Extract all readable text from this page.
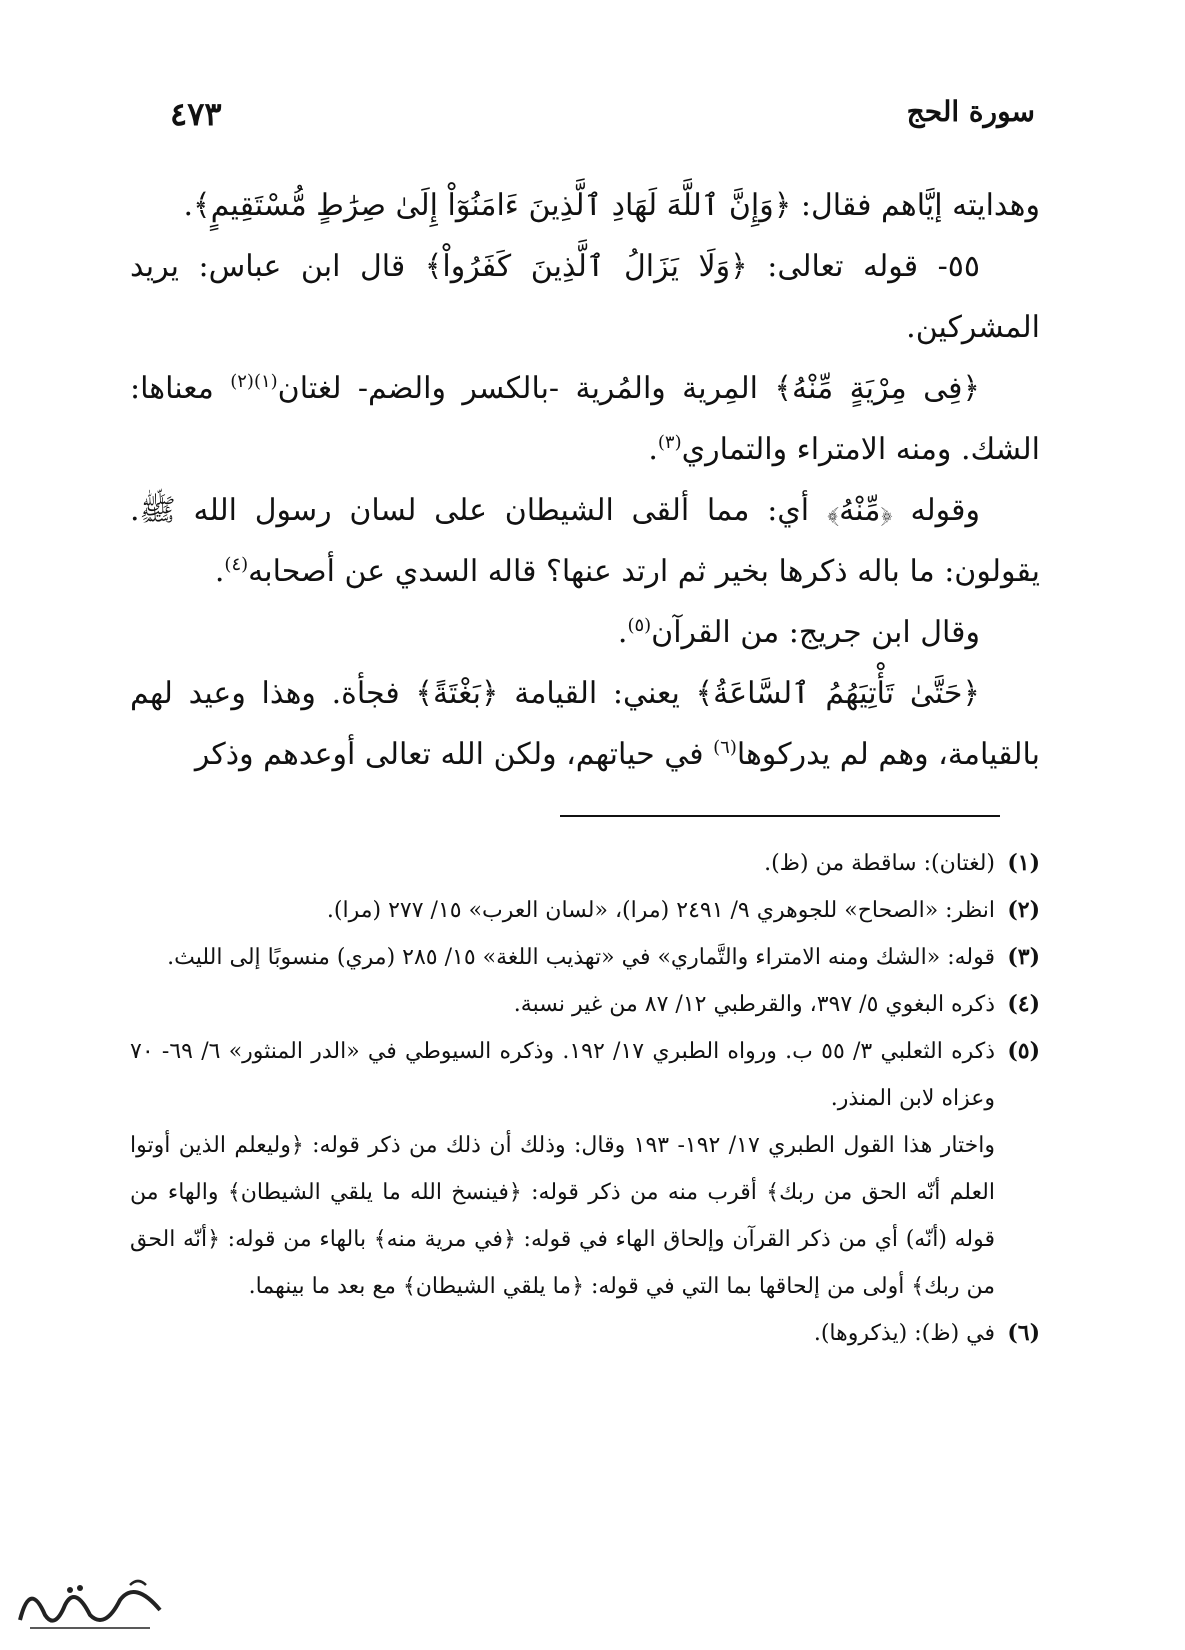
سورة الحج
٤٧٣

وهدايته إيَّاهم فقال: ﴿وَإِنَّ ٱللَّهَ لَهَادِ ٱلَّذِينَ ءَامَنُوٓاْ إِلَىٰ صِرَٰطٍ مُّسْتَقِيمٍ﴾.

٥٥- قوله تعالى: ﴿وَلَا يَزَالُ ٱلَّذِينَ كَفَرُواْ﴾ قال ابن عباس: يريد المشركين.

﴿فِى مِرْيَةٍ مِّنْهُ﴾ المِرية والمُرية -بالكسر والضم- لغتان$^{(١)(٢)}$ معناها: الشك. ومنه الامتراء والتماري$^{(٣)}$.

وقوله ﴿مِّنْهُ﴾ أي: مما ألقى الشيطان على لسان رسول الله ﷺ. يقولون: ما باله ذكرها بخير ثم ارتد عنها؟ قاله السدي عن أصحابه$^{(٤)}$.

وقال ابن جريج: من القرآن$^{(٥)}$.

﴿حَتَّىٰ تَأْتِيَهُمُ ٱلسَّاعَةُ﴾ يعني: القيامة ﴿بَغْتَةً﴾ فجأة. وهذا وعيد لهم بالقيامة، وهم لم يدركوها$^{(٦)}$ في حياتهم، ولكن الله تعالى أوعدهم وذكر

(١)
(لغتان): ساقطة من (ظ).

(٢)
انظر: «الصحاح» للجوهري ٩/ ٢٤٩١ (مرا)، «لسان العرب» ١٥/ ٢٧٧ (مرا).

(٣)
قوله: «الشك ومنه الامتراء والتَّماري» في «تهذيب اللغة» ١٥/ ٢٨٥ (مري) منسوبًا إلى الليث.

(٤)
ذكره البغوي ٥/ ٣٩٧، والقرطبي ١٢/ ٨٧ من غير نسبة.

(٥)
ذكره الثعلبي ٣/ ٥٥ ب. ورواه الطبري ١٧/ ١٩٢. وذكره السيوطي في «الدر المنثور» ٦/ ٦٩- ٧٠ وعزاه لابن المنذر.

واختار هذا القول الطبري ١٧/ ١٩٢- ١٩٣ وقال: وذلك أن ذلك من ذكر قوله: ﴿وليعلم الذين أوتوا العلم أنّه الحق من ربك﴾ أقرب منه من ذكر قوله: ﴿فينسخ الله ما يلقي الشيطان﴾ والهاء من قوله (أنّه) أي من ذكر القرآن وإلحاق الهاء في قوله: ﴿في مرية منه﴾ بالهاء من قوله: ﴿أنّه الحق من ربك﴾ أولى من إلحاقها بما التي في قوله: ﴿ما يلقي الشيطان﴾ مع بعد ما بينهما.

(٦)
في (ظ): (يذكروها).
